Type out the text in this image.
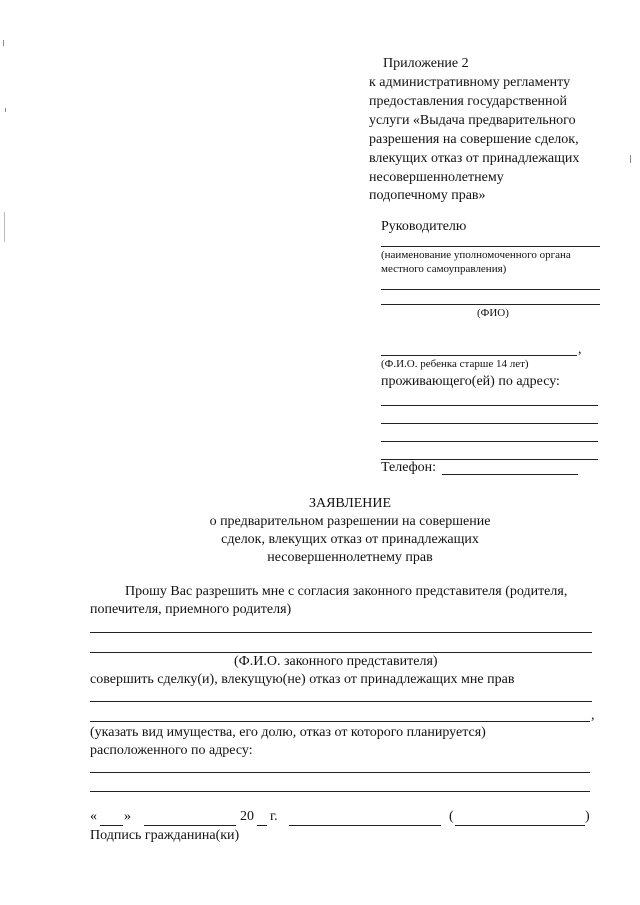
Приложение 2
к административному регламенту
предоставления государственной
услуги «Выдача предварительного
разрешения на совершение сделок,
влекущих отказ от принадлежащих
несовершеннолетнему
подопечному прав»
Руководителю
(наименование уполномоченного органа
местного самоуправления)
(ФИО)
,
(Ф.И.О. ребенка старше 14 лет)
проживающего(ей) по адресу:
Телефон:
ЗАЯВЛЕНИЕ
о предварительном разрешении на совершение
сделок, влекущих отказ от принадлежащих
несовершеннолетнему прав
Прошу Вас разрешить мне с согласия законного представителя (родителя,
попечителя, приемного родителя)
(Ф.И.О. законного представителя)
совершить сделку(и), влекущую(не) отказ от принадлежащих мне прав
,
(указать вид имущества, его долю, отказ от которого планируется)
расположенного по адресу:
« »	20 г.	(	)
Подпись гражданина(ки)
